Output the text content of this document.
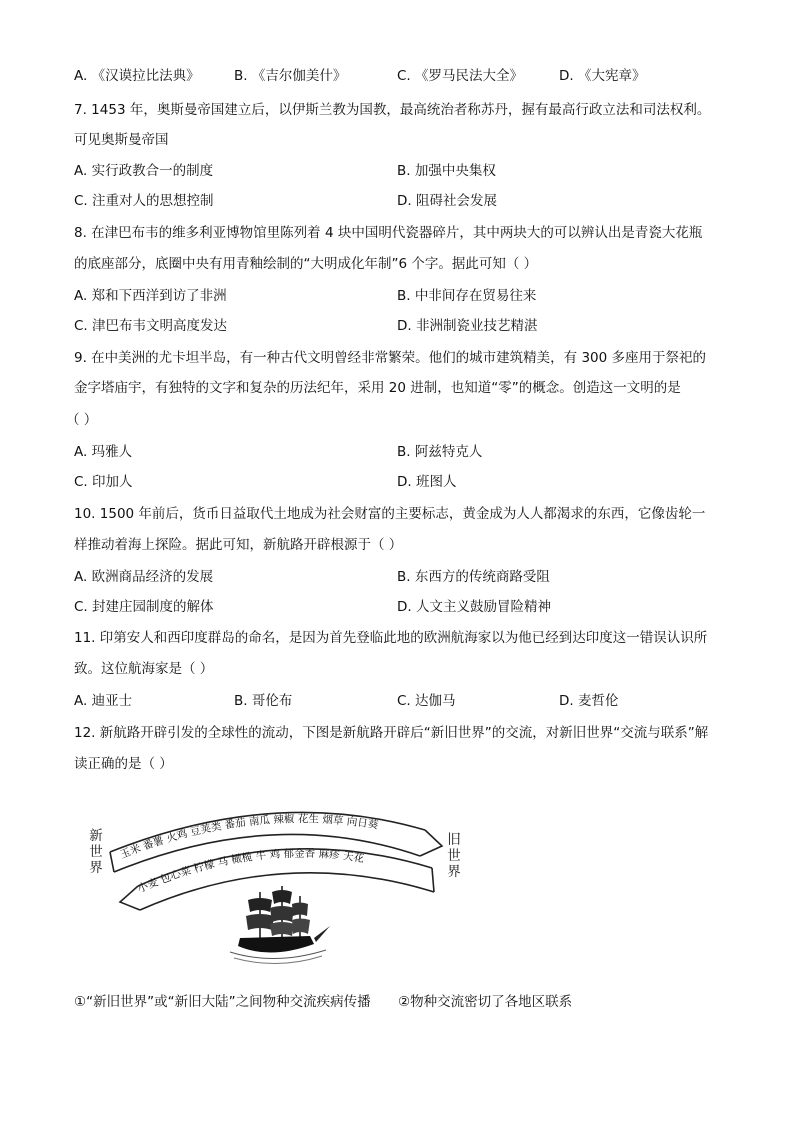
A. 《汉谟拉比法典》	B. 《吉尔伽美什》	C. 《罗马民法大全》	D. 《大宪章》
7. 1453 年，奥斯曼帝国建立后，以伊斯兰教为国教，最高统治者称苏丹，握有最高行政立法和司法权利。
可见奥斯曼帝国
A. 实行政教合一的制度	B. 加强中央集权
C. 注重对人的思想控制	D. 阻碍社会发展
8. 在津巴布韦的维多利亚博物馆里陈列着 4 块中国明代瓷器碎片，其中两块大的可以辨认出是青瓷大花瓶
的底座部分，底圈中央有用青釉绘制的“大明成化年制”6 个字。据此可知（ ）
A. 郑和下西洋到访了非洲	B. 中非间存在贸易往来
C. 津巴布韦文明高度发达	D. 非洲制瓷业技艺精湛
9. 在中美洲的尤卡坦半岛，有一种古代文明曾经非常繁荣。他们的城市建筑精美，有 300 多座用于祭祀的
金字塔庙宇，有独特的文字和复杂的历法纪年，采用 20 进制，也知道“零”的概念。创造这一文明的是
（ ）
A. 玛雅人	B. 阿兹特克人
C. 印加人	D. 班图人
10. 1500 年前后，货币日益取代土地成为社会财富的主要标志，黄金成为人人都渴求的东西，它像齿轮一
样推动着海上探险。据此可知，新航路开辟根源于（ ）
A. 欧洲商品经济的发展	B. 东西方的传统商路受阻
C. 封建庄园制度的解体	D. 人文主义鼓励冒险精神
11. 印第安人和西印度群岛的命名，是因为首先登临此地的欧洲航海家以为他已经到达印度这一错误认识所
致。这位航海家是（ ）
A. 迪亚士	B. 哥伦布	C. 达伽马	D. 麦哲伦
12. 新航路开辟引发的全球性的流动，下图是新航路开辟后“新旧世界”的交流，对新旧世界“交流与联系”解
读正确的是（ ）
新
世
界
旧
世
界
玉米 番薯 火鸡 豆荚类 番茄 南瓜 辣椒 花生 烟草 向日葵
小麦 包心菜 柠檬 马 橄榄 牛 鸡 郁金香 麻疹 天花
①“新旧世界”或“新旧大陆”之间物种交流疾病传播 ②物种交流密切了各地区联系
